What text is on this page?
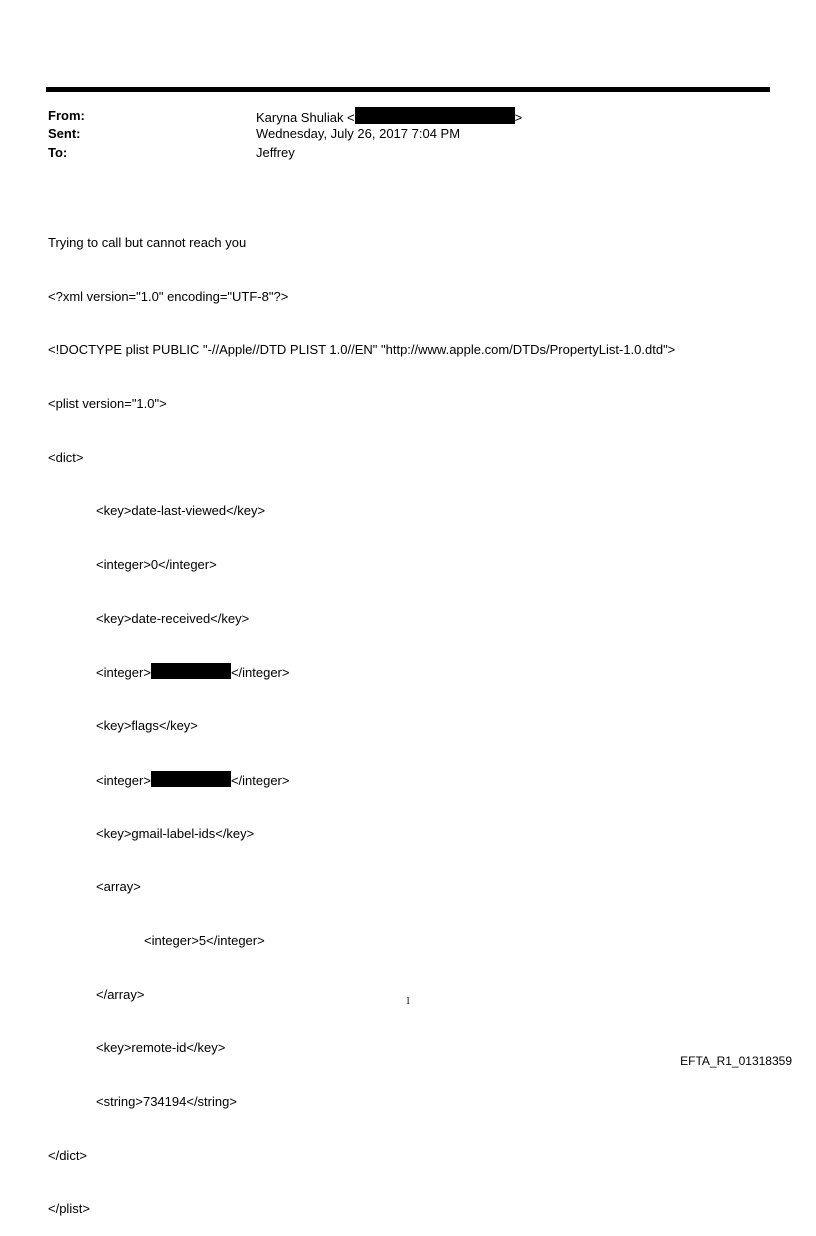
From:	Karyna Shuliak <	>
Sent:	Wednesday, July 26, 2017 7:04 PM
To:	Jeffrey

Trying to call but cannot reach you

<?xml version="1.0" encoding="UTF-8"?>

<!DOCTYPE plist PUBLIC "-//Apple//DTD PLIST 1.0//EN" "http://www.apple.com/DTDs/PropertyList-1.0.dtd">

<plist version="1.0">

<dict>

<key>date-last-viewed</key>

<integer>0</integer>

<key>date-received</key>

<integer>	</integer>

<key>flags</key>

<integer>	</integer>

<key>gmail-label-ids</key>

<array>

<integer>5</integer>

</array>

<key>remote-id</key>

<string>734194</string>

</dict>

</plist>

1
EFTA_R1_01318359
